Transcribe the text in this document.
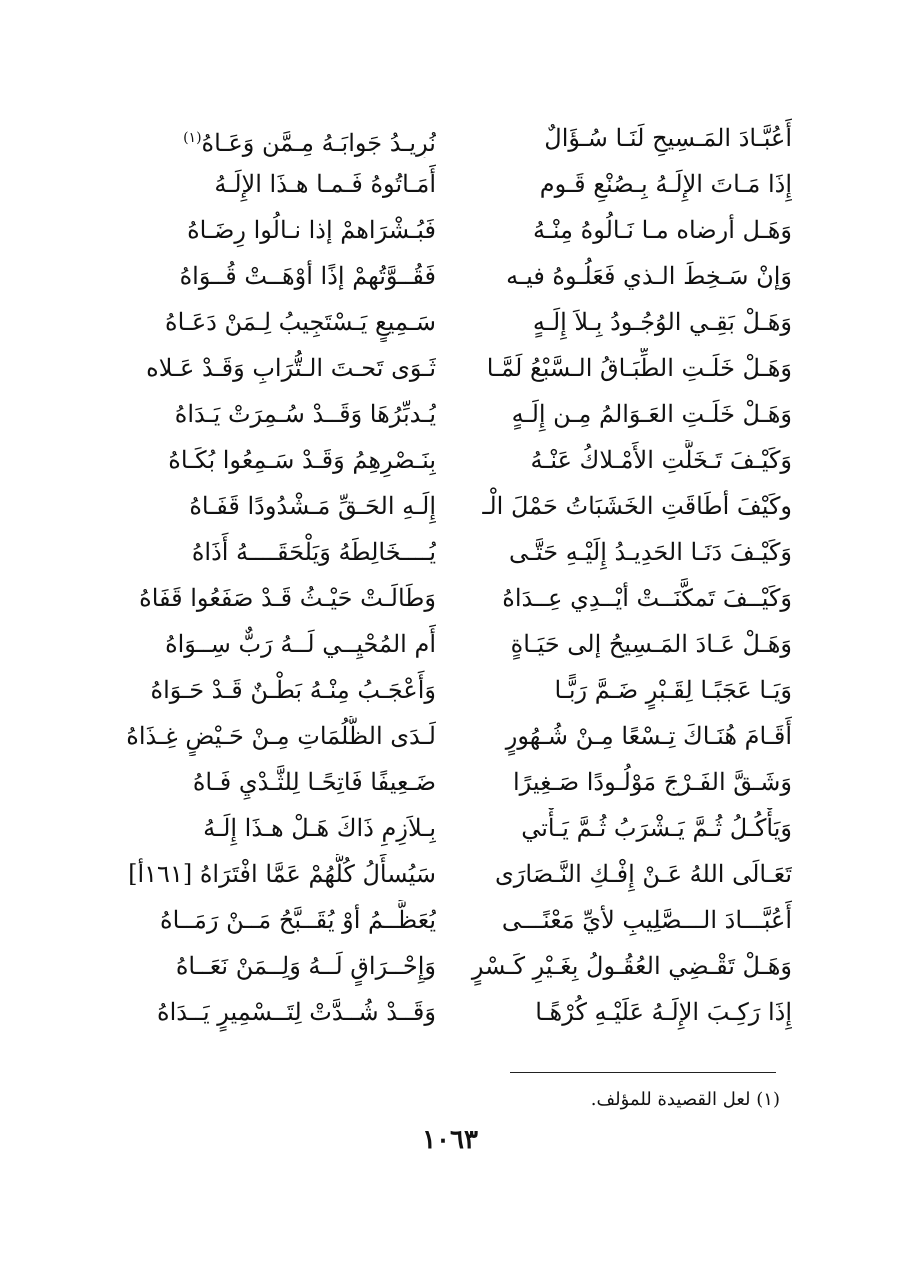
أَعُبَّـادَ المَـسِيحِ لَنَـا سُـؤَالٌ
نُرِيـدُ جَوابَـهُ مِـمَّن وَعَـاهُ$^{(١)}$
إِذَا مَـاتَ الإِلَـهُ بِـصُنْعِ قَـوم
أَمَـاتُوهُ فَـمـا هـذَا الإِلَـهُ
وَهَـل أرضاه مـا نَـالُوهُ مِنْـهُ
فَبُـشْرَاهمْ إذا نـالُوا رِضَـاهُ
وَإنْ سَـخِطَ الـذي فَعَلُـوهُ فيـه
فَقُــوَّتُهمْ إذًا أوْهَــتْ قُــوَاهُ
وَهَـلْ بَقِـي الوُجُـودُ بِـلاَ إِلَـهٍ
سَـمِيعٍ يَـسْتَجِيبُ لِـمَنْ دَعَـاهُ
وَهَـلْ خَلَـتِ الطِّبَـاقُ الـسَّبْعُ لَمَّـا
ثَـوَى تَحـتَ الـتُّرَابِ وَقَـدْ عَـلاه
وَهَـلْ خَلَـتِ العَـوَالمُ مِـن إِلَـهٍ
يُـدبِّرُهَا وَقَــدْ سُـمِرَتْ يَـدَاهُ
وَكَيْـفَ تَـخَلَّتِ الأَمْـلاكُ عَنْـهُ
بِنَـصْرِهِمُ وَقَـدْ سَـمِعُوا بُكَـاهُ
وكَيْفَ أطَاقَتِ الخَشَبَاتُ حَمْلَ الْـ
إِلَـهِ الحَـقِّ مَـشْدُودًا قَفَـاهُ
وَكَيْـفَ دَنَـا الحَدِيـدُ إِلَيْـهِ حَتَّـى
يُــــخَالِطَهُ وَيَلْحَقَــــهُ أَذَاهُ
وَكَيْــفَ تَمكَّنَــتْ أيْــدِي عِــدَاهُ
وَطَالَـتْ حَيْـثُ قَـدْ صَفَعُوا قَفَاهُ
وَهَـلْ عَـادَ المَـسِيحُ إلى حَيَـاةٍ
أَم المُحْيِــي لَــهُ رَبٌّ سِــوَاهُ
وَيَـا عَجَبًـا لِقَـبْرٍ ضَـمَّ رَبًّـا
وَأَعْجَـبُ مِنْـهُ بَطْـنٌ قَـدْ حَـوَاهُ
أَقَـامَ هُنَـاكَ تِـسْعًا مِـنْ شُـهُورٍ
لَـدَى الظُّلُمَاتِ مِـنْ حَـيْضٍ غِـذَاهُ
وَشَـقَّ الفَـرْجَ مَوْلُـودًا صَـغِيرًا
ضَـعِيفًا فَاتِحًـا لِلثَّـدْيِ فَـاهُ
وَيَأْكُـلُ ثُـمَّ يَـشْرَبُ ثُـمَّ يَـأْتي
بِـلاَزِمِ ذَاكَ هَـلْ هـذَا إِلَـهُ
تَعَـالَى اللهُ عَـنْ إِفْـكِ النَّـصَارَى
سَيُسأَلُ كُلُّهُمْ عَمَّا افْتَرَاهُ [١٦١أ]
أَعُبَّـــادَ الـــصَّلِيبِ لأيِّ مَعْنًـــى
يُعَظَّــمُ أوْ يُقَــبَّحُ مَــنْ رَمَــاهُ
وَهَـلْ تَقْـضِي العُقُـولُ بِغَـيْرِ كَـسْرٍ
وَإِحْــرَاقٍ لَــهُ وَلِــمَنْ نَعَــاهُ
إِذَا رَكِـبَ الإِلَـهُ عَلَيْـهِ كُرْهًـا
وَقَــدْ شُــدَّتْ لِتَــسْمِيرٍ يَــدَاهُ
(١) لعل القصيدة للمؤلف.
١٠٦٣
